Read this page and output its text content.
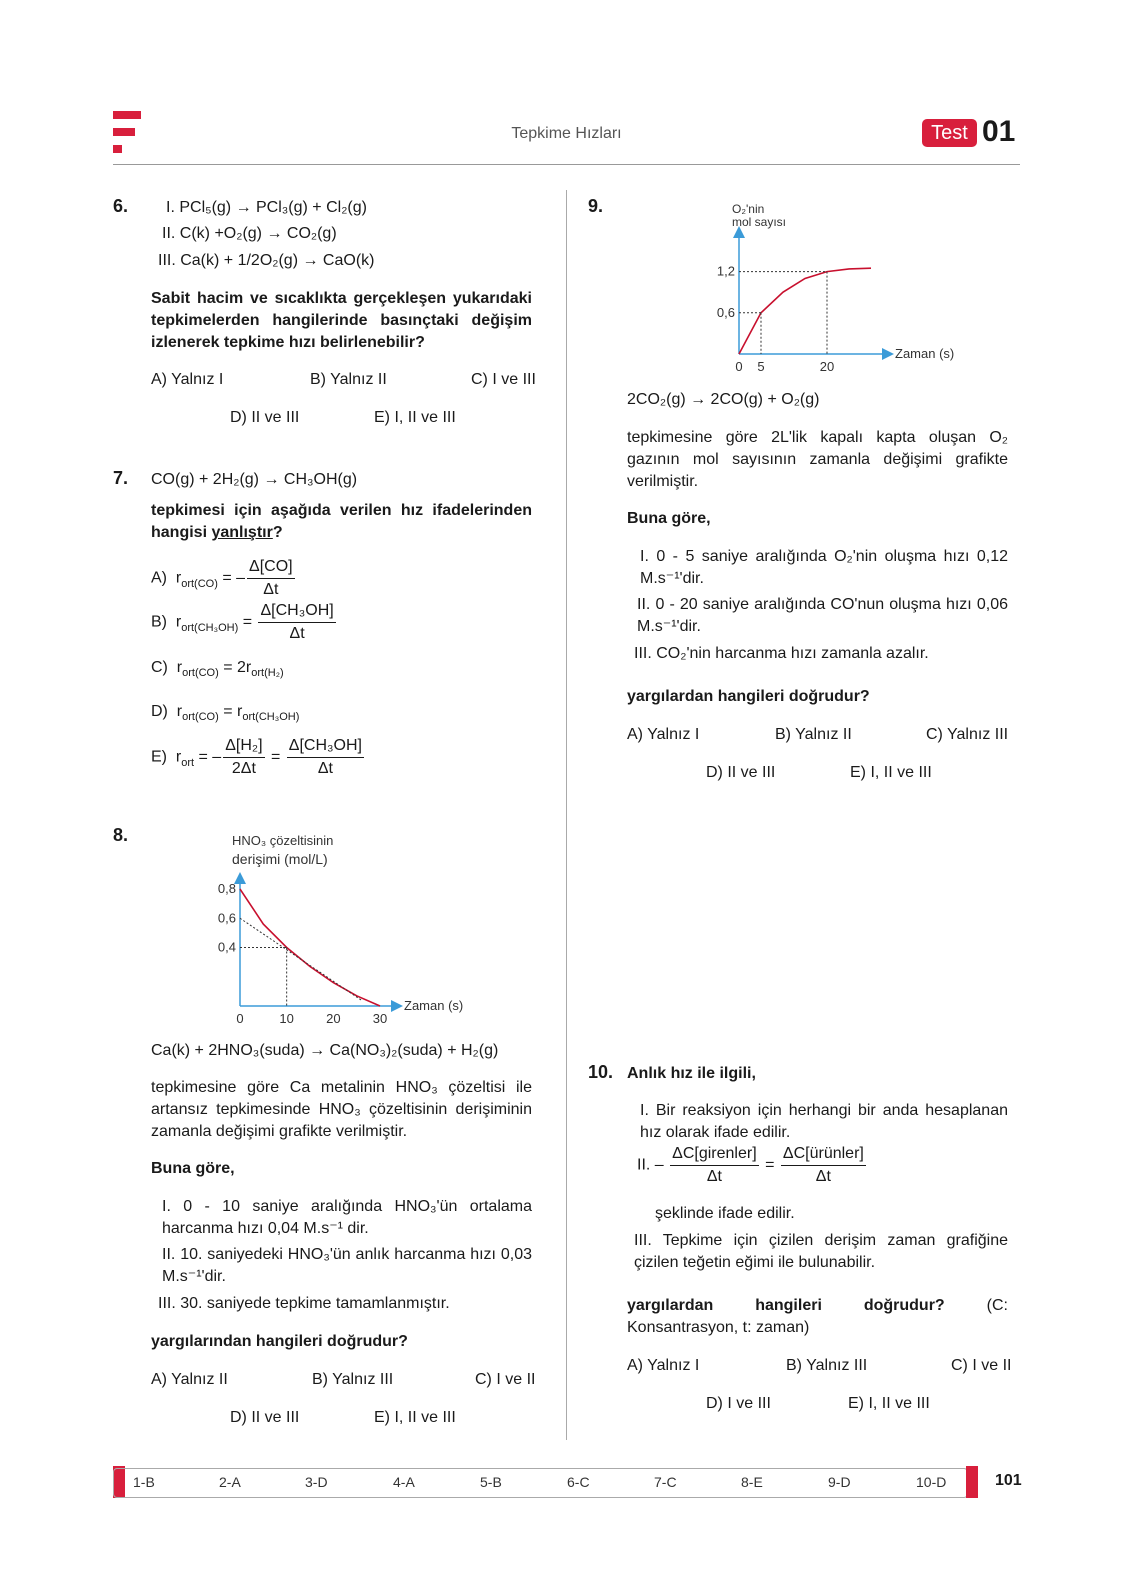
Tepkime Hızları	Test 01
6. I. PCl₅(g) → PCl₃(g) + Cl₂(g)
II. C(k) +O₂(g) → CO₂(g)
III. Ca(k) + 1/2O₂(g) → CaO(k)
Sabit hacim ve sıcaklıkta gerçekleşen yukarıdaki tepkimelerden hangilerinde basınçtaki değişim izlenerek tepkime hızı belirlenebilir?
A) Yalnız I	B) Yalnız II	C) I ve III
D) II ve III	E) I, II ve III
7. CO(g) + 2H₂(g) → CH₃OH(g)
tepkimesi için aşağıda verilen hız ifadelerinden hangisi yanlıştır?
A) $r_{ort(CO)}$ = – $\frac{\Delta[CO]}{\Delta t}$
B) $r_{ort(CH_3OH)} = \frac{\text{Δ[CH₃OH]}}{\Delta t}$
C) $r_{ort(CO)} = 2r_{ort(H_2)}$
D) $r_{ort(CO)} = r_{ort(CH_3OH)}$
E) $r_{ort}$ = – $\frac{\text{Δ[H₂]}}{2\Delta t} = \frac{\text{Δ[CH₃OH]}}{\Delta t}$
8.
0,8
0,6
0,4
0	10 20 30
Zaman (s)
HNO₃ çözeltisinin
derişimi (mol/L)
Ca(k) + 2HNO₃(suda) → Ca(NO₃)₂(suda) + H₂(g)
tepkimesine göre Ca metalinin HNO₃ çözeltisi ile artansız tepkimesinde HNO₃ çözeltisinin derişiminin zamanla değişimi grafikte verilmiştir.
Buna göre,
I. 0 - 10 saniye aralığında HNO₃'ün ortalama harcanma hızı 0,04 M.s⁻¹ dir.
II. 10. saniyedeki HNO₃'ün anlık harcanma hızı 0,03 M.s⁻¹'dir.
III. 30. saniyede tepkime tamamlanmıştır.
yargılarından hangileri doğrudur?
A) Yalnız II	B) Yalnız III	C) I ve II
D) II ve III	E) I, II ve III
9.
1,2
0,6
0 5	20
Zaman (s)
O₂'nin
mol sayısı
2CO₂(g) → 2CO(g) + O₂(g)
tepkimesine göre 2L'lik kapalı kapta oluşan O₂ gazının mol sayısının zamanla değişimi grafikte verilmiştir.
Buna göre,
I. 0 - 5 saniye aralığında O₂'nin oluşma hızı 0,12 M.s⁻¹'dir.
II. 0 - 20 saniye aralığında CO'nun oluşma hızı 0,06 M.s⁻¹'dir.
III. CO₂'nin harcanma hızı zamanla azalır.
yargılardan hangileri doğrudur?
A) Yalnız I	B) Yalnız II	C) Yalnız III
D) II ve III	E) I, II ve III
10. Anlık hız ile ilgili,
I. Bir reaksiyon için herhangi bir anda hesaplanan hız olarak ifade edilir.
II. – $\frac{\text{ΔC[girenler]}}{\Delta t} = \frac{\text{ΔC[ürünler]}}{\Delta t}$
şeklinde ifade edilir.
III. Tepkime için çizilen derişim zaman grafiğine çizilen teğetin eğimi ile bulunabilir.
yargılardan hangileri doğrudur? (C: Konsantrasyon, t: zaman)
A) Yalnız I	B) Yalnız III	C) I ve II
D) I ve III	E) I, II ve III
1-B	2-A	3-D	4-A	5-B	6-C	7-C	8-E	9-D	10-D	101
